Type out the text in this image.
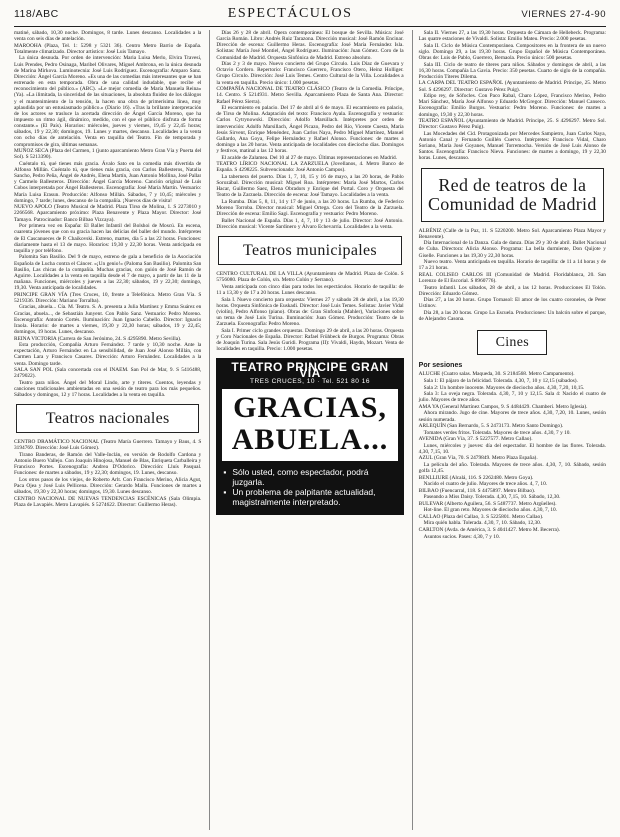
118/ABC	ESPECTÁCULOS	VIERNES 27-4-90

matiné, sábado, 10,30 noche. Domingos, 8 tarde. Lunes descanso. Localidades a la venta con seis días de antelación.

MAROOHA (Plaza, Tel. 1: 5298 y 5321 36). Centro Metro Barrio de España. Totalmente climatizado. Director artístico: José Luis Tamayo.

La única desnuda. Por orden de intervención: Maria Luisa Merlo, Elvira Travesí, Luis Prendes, Pedro Osinaga, Maribel Olivares, Miguel Ambrona, en la única desnuda de Marina Mirkova. Luminotecnia: José Luis Rodríguez. Escenografía: Amparo Sanz. Dirección: Ángel García Moreno. «Es una de las comedias más interesantes que se han estrenado en esta temporada. Obra de una calidad indudable, que recibe el reconocimiento del público.» (ABC). «Le mejor comedia de María Manuela Reina» (Ya). «La ilimitada, la sinceridad de las situaciones, la absoluta fluidez de los diálogos y el mantenimiento de la tensión, la hacen una obra de primerísima línea, muy aplaudida por un entusiasmado público.» (Diario 16). «Tras la brillante interpretación de los actores se trasluce la acertada dirección de Ángel García Moreno, que ha impuesto un ritmo ágil, dinámico, medido, con el que el público disfruta de forma constante.» (El País). Horarios: miércoles, jueves y viernes, 19,45 y 22,45 horas; sábados, 19 y 22,30; domingos, 19. Lunes y martes, descanso. Localidades a la venta con ocho días de antelación. Venta en taquilla del Teatro. Fin de temporada y compromisos de gira, últimas semanas.

MUÑOZ SECA (Plaza del Carmen, 1 (junto aparcamiento Metro Gran Vía y Puerta del Sol). S 5213390).

Cuéntalo tú, qué tienes más gracia. Ávalo Sato en la comedia más divertida de Alfonso Millán. Cuéntalo tú, que tienes más gracia, con Carlos Ballesteros, Natalia Sancho, Pedro Peña, Ángel de Andrés, Elena Martín, Juan Antonio Mollina, José Pallar y Carmelo Ballesteros. Dirección: Ángel García Moreno. Canción original de Luis Cobos interpretada por Ángel Ballesteros. Escenografía: José María Martín. Vestuario: María Luisa Erasun. Producción: Alfonso Millán. Sábados, 7 y 10,45; miércoles y domingo, 7 tarde; lunes, descanso de la compañía. ¡Nuevos días de visita!

NUEVO APOLO (Teatro Musical de Madrid. Plaza Tirso de Molina, 1. S 2273010 y 2266568. Aparcamiento próximo: Plaza Benavente y Plaza Mayor. Director: José Tamayo. Patrocinador: Banco Bilbao Vizcaya).

Por primera vez en España: El Ballet Infantil del Bolshoi de Moscú. En escena, cuarenta jóvenes que con su gracia hacen las delicias del ballet del mundo. Intérpretes de El Cascanueces de P. Chaikovski. Estreno, martes, día 5 a las 22 horas. Funciones: diariamente hasta el 13 de mayo. Horarios: 19,30 y 22,30 horas. Venta anticipada en taquilla y por teléfono.

Palomita San Basilio. Del 9 de mayo, estreno de gala a beneficio de la Asociación Española de Lucha contra el Cáncer. «¡Un genio!» (Paloma San Basilio). Palomita San Basilio, Las chicas de la compañía. Muchas gracias, con guión de José Ramón de Aguirre. Localidades a la venta en taquilla desde el 7 de mayo, a partir de las 11 de la mañana. Funciones, miércoles y jueves a las 22,30; sábados, 19 y 22,30; domingo, 19,30. Venta anticipada de localidades.

PRINCIPE GRAN VÍA (Tres Cruces, 10, frente a Telefónica. Metro Gran Vía. S 5219336. Dirección: Mariano Torralba).

Gracias, abuela... Cía. M. Teatro. S. A. presenta a Julia Martínez y Emma Suárez en Gracias, abuela..., de Sebastián Junyent. Con Pablo Sanz. Vestuario: Pedro Moreno. Escenografía: Antonio Cortés. Iluminación: Juan Ignacio Cabello. Director: Ignacio Iraola. Horario: de martes a viernes, 19,30 y 22,30 horas; sábados, 19 y 22,45; domingos, 19 horas. Lunes, descanso.

REINA VICTORIA (Carrera de San Jerónimo, 24. S 4295890. Metro Sevilla).

Esta producción, Compañía Arturo Fernández. 7 tarde y 10,30 noche. Ante la expectación, Arturo Fernández en La sensibilidad, de Juan José Alonso Millán, con Carmen Lara y Francisco Casares. Dirección: Arturo Fernández. Localidades a la venta. Domingo tarde.

SALA SAN POL (Sala concertada con el INAEM. San Pol de Mar, 9. S 5416488, 2479022).

Teatro para niños. Ángel del Moral Lindo, arte y títeres. Cuentos, leyendas y canciones tradicionales ambientadas en una sesión de teatro para los más pequeños. Sábados y domingos, 12 y 17 horas. Localidades a la venta en taquilla.

Teatros nacionales

CENTRO DRAMÁTICO NACIONAL (Teatro María Guerrero. Tamayo y Baus, 4. S 3194769. Dirección: José Luis Gómez).

Tirano Banderas, de Ramón del Valle-Inclán, en versión de Rodolfo Cardona y Antonio Buero Vallejo. Con Joaquín Hinojosa, Manuel de Blas, Enriqueta Carballeira y Francisco Portes. Escenografía: Andrea D'Odorico. Dirección: Lluís Pasqual. Funciones: de martes a sábados, 19 y 22,30; domingos, 19. Lunes, descanso.

Los otros pasos de los viejos, de Roberto Arlt. Con Francisco Merino, Alicia Agut, Paca Ojea y José Luis Pellicena. Dirección: Gerardo Malla. Funciones de martes a sábados, 19,30 y 22,30 horas; domingos, 19,30. Lunes descanso.

CENTRO NACIONAL DE NUEVAS TENDENCIAS ESCÉNICAS (Sala Olimpia. Plaza de Lavapiés. Metro Lavapiés. S 5274622. Director: Guillermo Heras).

Días 26 y 28 de abril. Ópera contemporánea: El bosque de Sevilla. Música: José García Román. Libro: Andrés Ruiz Tarazona. Dirección musical: José Ramón Encinar. Dirección de escena: Guillermo Heras. Escenografía: José María Fernández Isla. Solistas: María José Montiel, Ángel Rodríguez. Iluminación: Juan Gómez. Coro de la Comunidad de Madrid. Orquesta Sinfónica de Madrid. Estreno absoluto.

Días 2 y 3 de mayo. Nuevo concierto del Grupo Círculo. Luis Díaz de Guevara y Octavio Cordero. Repertorio: Francisco Guerrero, Francisco Otero, Heinz Holliger. Grupo Círculo. Dirección: José Luis Temes. Centro Cultural de la Villa. Localidades a la venta en taquilla. Precio único: 1.000 pesetas.

COMPAÑÍA NACIONAL DE TEATRO CLÁSICO (Teatro de la Comedia. Príncipe, 14. Centro. S 5214931. Metro Sevilla. Aparcamiento Plaza de Santa Ana. Director: Rafael Pérez Sierra).

El escarmiento en palacio. Del 17 de abril al 6 de mayo. El escarmiento en palacio, de Tirso de Molina. Adaptación del texto: Francisco Ayala. Escenografía y vestuario: Carlos Cytrynowski. Dirección: Adolfo Marsillach. Intérpretes por orden de intervención: Adolfo Marsillach, Ángel Picazo, Pedro del Río, Vicente Cuesta, María Jesús Sirvent, Enrique Menéndez, Juan Carlos Naya, Pedro Miguel Martínez, Manuel Gallardo, Ana Goya, Felipe Hernández y Rafael Alonso. Funciones: de martes a domingo a las 20 horas. Venta anticipada de localidades con dieciocho días. Domingos y festivos, matinal a las 12 horas.

El acalde de Zalamea. Del 10 al 27 de mayo. Últimas representaciones en Madrid.

TEATRO LÍRICO NACIONAL LA ZARZUELA (Jovellanos, 4. Metro Banco de España. S 4298225. Subvencionado: José Antonio Campos).

La tabernera del puerto. Días 1, 7, 10, 15 y 16 de mayo, a las 20 horas, de Pablo Sorozábal. Dirección musical: Miguel Roa. Intérpretes: María José Martos, Carlos Hacar, Guillermo Saez, Elena Obradors y Enrique del Portal. Coro y Orquesta del Teatro de la Zarzuela. Dirección de escena: José Tamayo. Localidades a la venta.

La Rumba. Días 5, 8, 11, 14 y 17 de junio, a las 20 horas. La Rumba, de Federico Moreno Torroba. Director musical: Miguel Ortega. Coro del Teatro de la Zarzuela. Dirección de escena: Emilio Sagi. Escenografía y vestuario: Pedro Moreno.

Ballet Nacional de España. Días 1, 4, 7, 10 y 13 de julio. Director: José Antonio. Dirección musical: Vicente Sardinero y Álvaro Echevarría. Localidades a la venta.

Teatros municipales

CENTRO CULTURAL DE LA VILLA (Ayuntamiento de Madrid. Plaza de Colón. S 5756080. Plaza de Colón, s/n. Metro Colón y Serrano).

Venta anticipada con cinco días para todos los espectáculos. Horario de taquilla: de 11 a 13,30 y de 17 a 20 horas. Lunes descanso.

Sala I. Nuevo concierto para orquesta: Viernes 27 y sábado 28 de abril, a las 19,30 horas. Orquesta Sinfónica de Euskadi. Director: José Luis Temes. Solistas: Javier Vidal (violín), Pedro Alfonso (piano). Obras de: Gran Sinfonía (Mahler), Variaciones sobre un tema de José Luis Turina. Iluminación: Juan Gómez. Producción: Teatro de la Zarzuela. Escenografía: Pedro Moreno.

Sala I. Primer ciclo grandes orquestas. Domingo 29 de abril, a las 20 horas. Orquesta y Coro Nacionales de España. Director: Rafael Frühbeck de Burgos. Programa: Obras de Joaquín Turina. Sala Jesús Guridi. Programa (II): Vivaldi, Haydn, Mozart. Venta de localidades en taquilla. Precio: 1.000 pesetas.

TEATRO PRINCIPE GRAN VÍA
TRES CRUCES, 10 · Tel. 521 80 16
GRACIAS,
ABUELA...
▪ Sólo usted, como espectador, podrá juzgarla.
▪ Un problema de palpitante actualidad, magistralmente interpretado.

Sala II. Viernes 27, a las 19,30 horas. Orquesta de Cámara de Hellebeck. Programa: Las quatre estaciones de Vivaldi. Solista: Emilio Mateu. Precio: 2.000 pesetas.

Sala II. Ciclo de Música Contemporánea. Compositores en la frontera de un nuevo siglo. Domingo 29, a las 19,30 horas. Grupo Español de Música Contemporánea. Obras de: Luis de Pablo, Guerrero, Bernaola. Precio único: 500 pesetas.

Sala III. Ciclo de teatro de títeres para niños. Sábados y domingos de abril, a las 16,30 horas. Compañía La Gavia. Precio: 350 pesetas. Cuarto de siglo de la compañía. Producción Títeres Dilema.

LA CARPA DEL TEATRO ESPAÑOL (Ayuntamiento de Madrid. Príncipe, 25. Metro Sol. S 4296297. Director: Gustavo Pérez Puig).

Edipo rey, de Sófocles. Con Paco Rabal, Charo López, Francisco Merino, Pedro Mari Sánchez, María José Alfonso y Eduardo McGregor. Dirección: Manuel Canseco. Escenografía: Emilio Burgos. Vestuario: Pedro Moreno. Funciones: de martes a domingo, 19,30 y 22,30 horas.

TEATRO ESPAÑOL (Ayuntamiento de Madrid. Príncipe, 25. S 4296297. Metro Sol. Director: Gustavo Pérez Puig).

Las Mocedades del Cid. Protagonizada por Mercedes Sampietro, Juan Carlos Naya, Antonio Canal y Fernando Guillén Cuervo. Intérpretes: Francisco Vidal, Charo Soriano, María José Goyanes, Manuel Torremocha. Versión de José Luis Alonso de Santos. Escenografía: Francisco Nieva. Funciones: de martes a domingo, 19 y 22,30 horas. Lunes, descanso.

Red de teatros de la Comunidad de Madrid

ALBÉNIZ (Calle de la Paz, 11. S 5220200. Metro Sol. Aparcamiento Plaza Mayor y Benavente).

Día Internacional de la Danza. Gala de danza. Días 29 y 30 de abril. Ballet Nacional de Cuba. Directora: Alicia Alonso. Programa: La bella durmiente, Don Quijote y Giselle. Funciones a las 19,30 y 22,30 horas.

Nuevo teatro. Venta anticipada en taquilla. Horario de taquilla: de 11 a 14 horas y de 17 a 21 horas.

REAL COLISEO CARLOS III (Comunidad de Madrid. Floridablanca, 20. San Lorenzo de El Escorial. S 8960776).

Teatro infantil. Los sábados, 28 de abril, a las 12 horas. Producciones El Tolón. Dirección: Eduardo Gómez.

Días 27, a las 20 horas. Grupo Tornasol: El amor de los cuatro coroneles, de Peter Ustinov.

Día 28, a las 20 horas. Grupo La Escuela. Producciones: Un balcón sobre el parque, de Alejandro Casona.

Cines
Por sesiones

ALUCHE (Cuatro salas. Maqueda, 30. S 2184568. Metro Campamento).

Sala 1: El pájaro de la felicidad. Tolerada. 4,30, 7, 10 y 12,15 (sábados).

Sala 2: Un hombre inocente. Mayores de dieciocho años. 4,30, 7,20, 10,15.

Sala 3: La oveja negra. Tolerada. 4,30, 7, 10 y 12,15. Sala 4: Nacido el cuatro de julio. Mayores de trece años.

AMA YA (General Martínez Campos, 9. S 4484429. Chamberí. Metro Iglesia).

Ahora mirando. Jugo de cine. Mayores de trece años. 4,30, 7,20, 10. Lunes, sesión sesión numerada.

ARLEQUÍN (San Bernardo, 5. S 2473173. Metro Santo Domingo).

Tomates verdes fritos. Tolerada. Mayores de trece años. 4,30, 7 y 10.

AVENIDA (Gran Vía, 37. S 5227577. Metro Callao).

Lunes, miércoles y jueves: día del espectador. El hombre de las flores. Tolerada. 4,30, 7,15, 10.

AZUL (Gran Vía, 70. S 2479849. Metro Plaza España).

La película del año. Tolerada. Mayores de trece años. 4,30, 7, 10. Sábado, sesión golfa 12,45.

BENLLIURE (Alcalá, 116. S 2262480. Metro Goya).

Nacido el cuatro de julio. Mayores de trece años. 4, 7, 10.

BILBAO (Fuencarral, 118. S 4475897. Metro Bilbao).

Paseando a Miss Daisy. Tolerada. 4,30, 7,15, 10. Sábado, 12,30.

BULEVAR (Alberto Aguilera, 56. S 5487737. Metro Argüelles).

Hot-line. El gran reto. Mayores de dieciocho años. 4,30, 7, 10.

CALLAO (Plaza del Callao, 3. S 5225801. Metro Callao).

Mira quién habla. Tolerada. 4,30, 7, 10. Sábado, 12,30.

CARLTON (Avda. de América, 3. S 4041427. Metro M. Becerra).

Asuntos sucios. Pases: 4,30, 7 y 10.
